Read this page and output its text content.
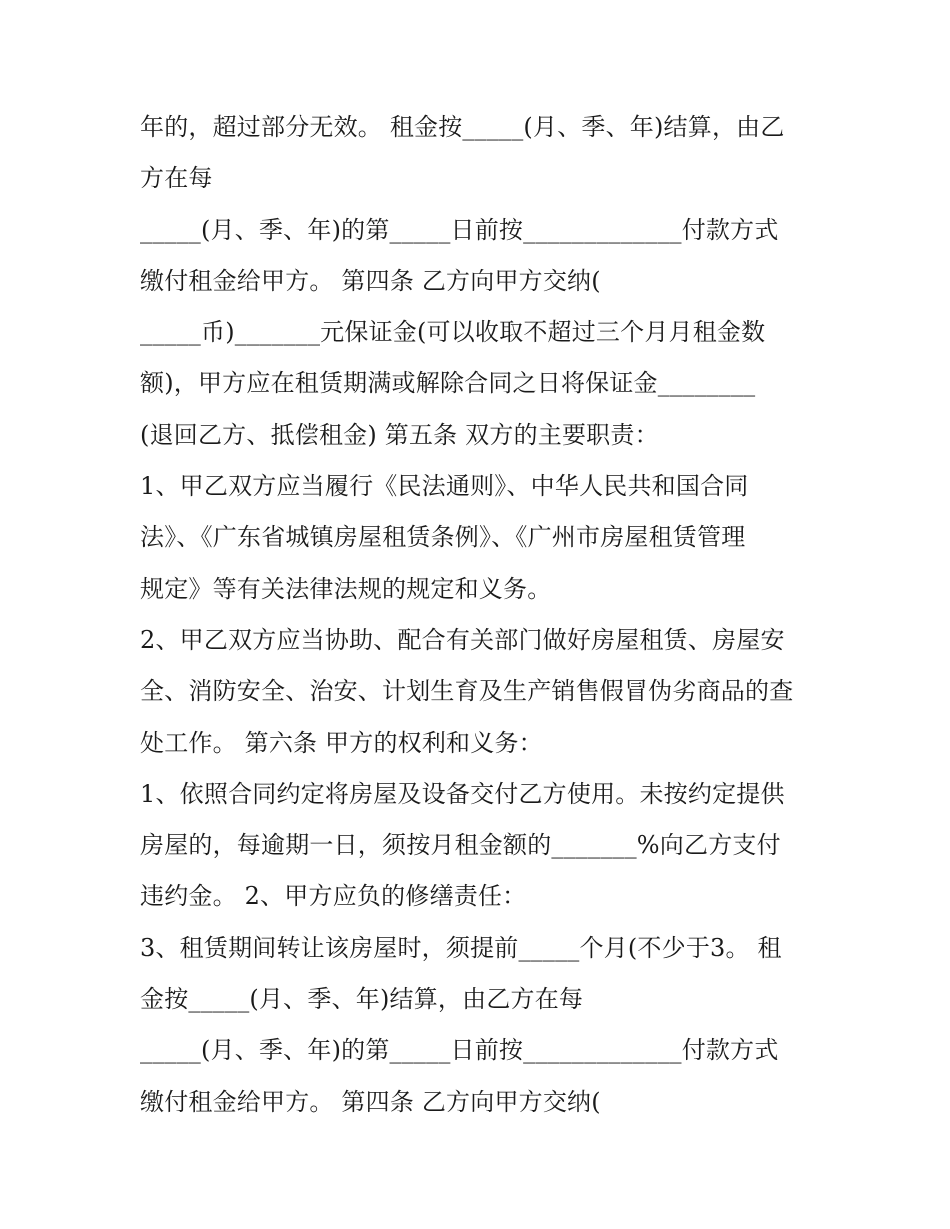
年的，超过部分无效。 租金按_____(月、季、年)结算，由乙
方在每
_____(月、季、年)的第_____日前按_____________付款方式
缴付租金给甲方。 第四条 乙方向甲方交纳(
_____币)_______元保证金(可以收取不超过三个月月租金数
额)，甲方应在租赁期满或解除合同之日将保证金________
(退回乙方、抵偿租金) 第五条 双方的主要职责：
1、甲乙双方应当履行《民法通则》、中华人民共和国合同
法》、《广东省城镇房屋租赁条例》、《广州市房屋租赁管理
规定》等有关法律法规的规定和义务。
2、甲乙双方应当协助、配合有关部门做好房屋租赁、房屋安
全、消防安全、治安、计划生育及生产销售假冒伪劣商品的查
处工作。 第六条 甲方的权利和义务：
1、依照合同约定将房屋及设备交付乙方使用。未按约定提供
房屋的，每逾期一日，须按月租金额的_______%向乙方支付
违约金。 2、甲方应负的修缮责任：
3、租赁期间转让该房屋时，须提前_____个月(不少于3。 租
金按_____(月、季、年)结算，由乙方在每
_____(月、季、年)的第_____日前按_____________付款方式
缴付租金给甲方。 第四条 乙方向甲方交纳(
